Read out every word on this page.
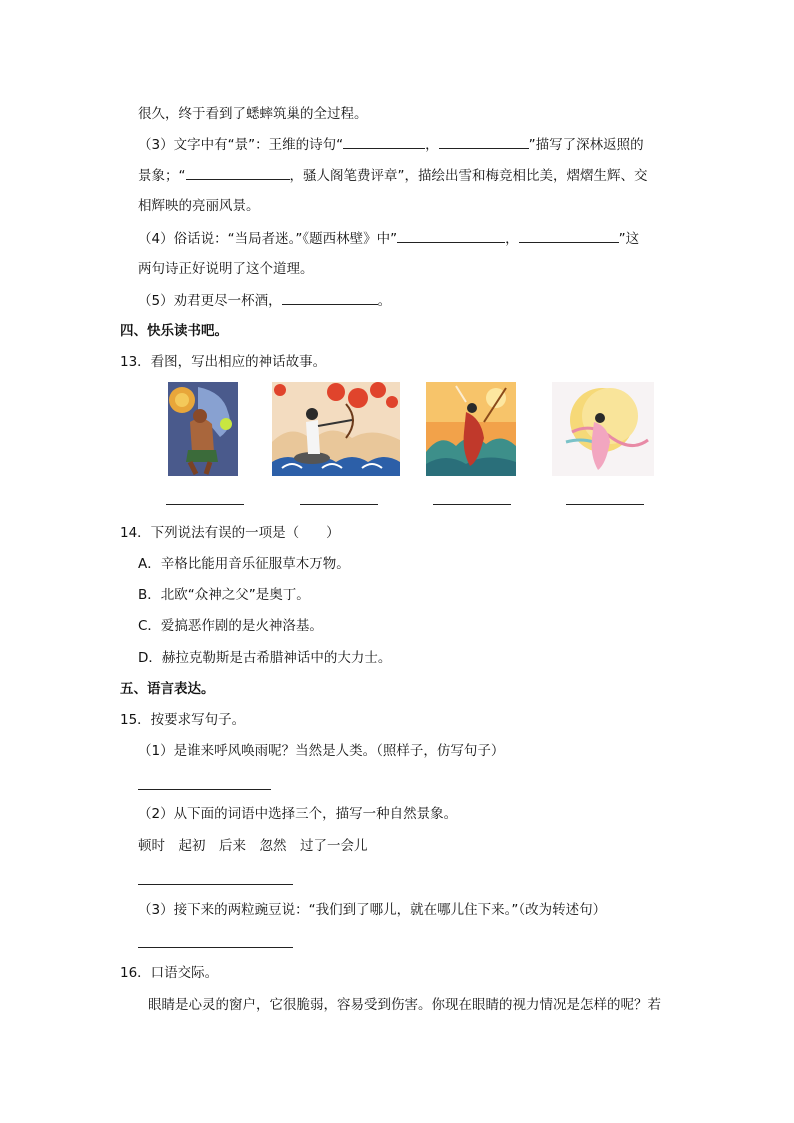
很久，终于看到了蟋蟀筑巢的全过程。
（3）文字中有“景”：王维的诗句“	，	”描写了深林返照的
景象；“	，骚人阁笔费评章”，描绘出雪和梅竞相比美，熠熠生辉、交
相辉映的亮丽风景。
（4）俗话说：“当局者迷。”《题西林壁》中”	，	”这
两句诗正好说明了这个道理。
（5）劝君更尽一杯酒，	。
四、快乐读书吧。
13．看图，写出相应的神话故事。
14．下列说法有误的一项是（　　）
A．辛格比能用音乐征服草木万物。
B．北欧“众神之父”是奥丁。
C．爱搞恶作剧的是火神洛基。
D．赫拉克勒斯是古希腊神话中的大力士。
五、语言表达。
15．按要求写句子。
（1）是谁来呼风唤雨呢？当然是人类。（照样子，仿写句子）
（2）从下面的词语中选择三个，描写一种自然景象。
顿时　起初　后来　忽然　过了一会儿
（3）接下来的两粒豌豆说：“我们到了哪儿，就在哪儿住下来。”（改为转述句）
16．口语交际。
眼睛是心灵的窗户，它很脆弱，容易受到伤害。你现在眼睛的视力情况是怎样的呢？若
